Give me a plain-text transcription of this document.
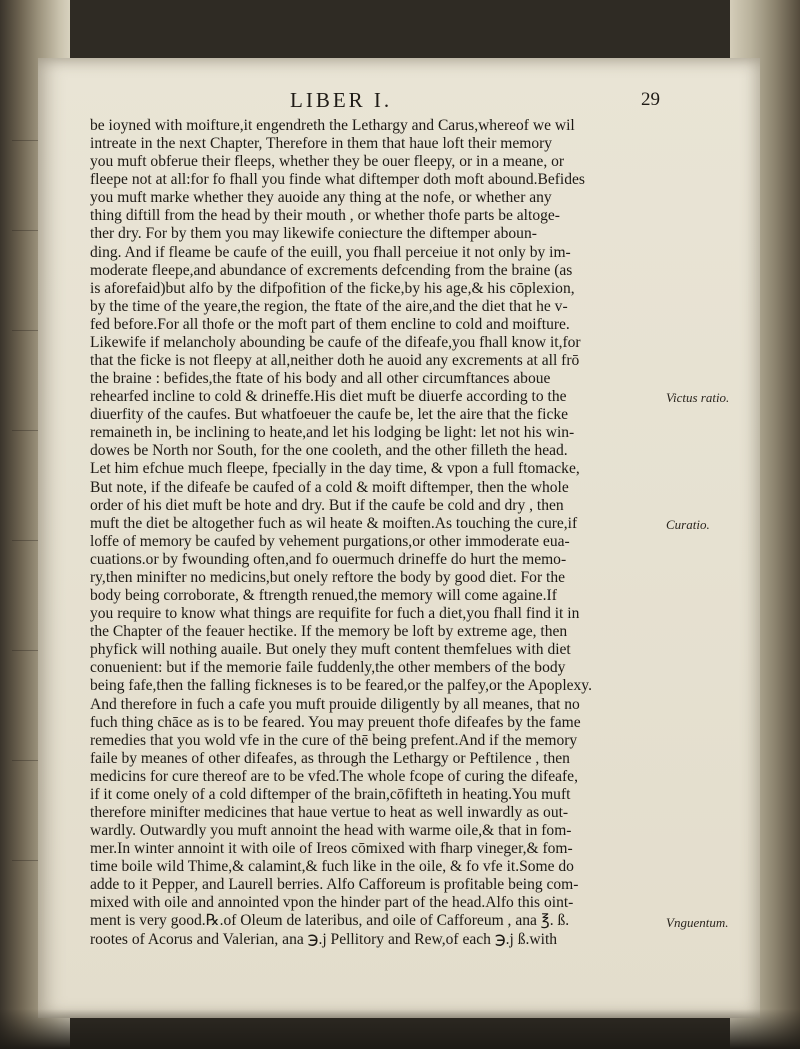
LIBER I.	29
be ioyned with moifture,it engendreth the Lethargy and Carus,whereof we wil
intreate in the next Chapter, Therefore in them that haue loft their memory
you muft obferue their fleeps, whether they be ouer fleepy, or in a meane, or
fleepe not at all:for fo fhall you finde what diftemper doth moft abound.Befides
you muft marke whether they auoide any thing at the nofe, or whether any
thing diftill from the head by their mouth , or whether thofe parts be altoge-
ther dry. For by them you may likewife coniecture the diftemper aboun-
ding. And if fleame be caufe of the euill, you fhall perceiue it not only by im-
moderate fleepe,and abundance of excrements defcending from the braine (as
is aforefaid)but alfo by the difpofition of the ficke,by his age,& his cōplexion,
by the time of the yeare,the region, the ftate of the aire,and the diet that he v-
fed before.For all thofe or the moft part of them encline to cold and moifture.
Likewife if melancholy abounding be caufe of the difeafe,you fhall know it,for
that the ficke is not fleepy at all,neither doth he auoid any excrements at all frō
the braine : befides,the ftate of his body and all other circumftances aboue
rehearfed incline to cold & drineffe.His diet muft be diuerfe according to the
diuerfity of the caufes. But whatfoeuer the caufe be, let the aire that the ficke
remaineth in, be inclining to heate,and let his lodging be light: let not his win-
dowes be North nor South, for the one cooleth, and the other filleth the head.
Let him efchue much fleepe, fpecially in the day time, & vpon a full ftomacke,
But note, if the difeafe be caufed of a cold & moift diftemper, then the whole
order of his diet muft be hote and dry. But if the caufe be cold and dry , then
muft the diet be altogether fuch as wil heate & moiften.As touching the cure,if
loffe of memory be caufed by vehement purgations,or other immoderate eua-
cuations.or by fwounding often,and fo ouermuch drineffe do hurt the memo-
ry,then minifter no medicins,but onely reftore the body by good diet. For the
body being corroborate, & ftrength renued,the memory will come againe.If
you require to know what things are requifite for fuch a diet,you fhall find it in
the Chapter of the feauer hectike. If the memory be loft by extreme age, then
phyfick will nothing auaile. But onely they muft content themfelues with diet
conuenient: but if the memorie faile fuddenly,the other members of the body
being fafe,then the falling fickneses is to be feared,or the palfey,or the Apoplexy.
And therefore in fuch a cafe you muft prouide diligently by all meanes, that no
fuch thing chāce as is to be feared. You may preuent thofe difeafes by the fame
remedies that you wold vfe in the cure of thē being prefent.And if the memory
faile by meanes of other difeafes, as through the Lethargy or Peftilence , then
medicins for cure thereof are to be vfed.The whole fcope of curing the difeafe,
if it come onely of a cold diftemper of the brain,cōfifteth in heating.You muft
therefore minifter medicines that haue vertue to heat as well inwardly as out-
wardly. Outwardly you muft annoint the head with warme oile,& that in fom-
mer.In winter annoint it with oile of Ireos cōmixed with fharp vineger,& fom-
time boile wild Thime,& calamint,& fuch like in the oile, & fo vfe it.Some do
adde to it Pepper, and Laurell berries. Alfo Cafforeum is profitable being com-
mixed with oile and annointed vpon the hinder part of the head.Alfo this oint-
ment is very good.℞.of Oleum de lateribus, and oile of Cafforeum , ana ℥. ß.
rootes of Acorus and Valerian, ana ℈.j Pellitory and Rew,of each ℈.j ß.with
Victus ratio.
Curatio.
Vnguentum.
